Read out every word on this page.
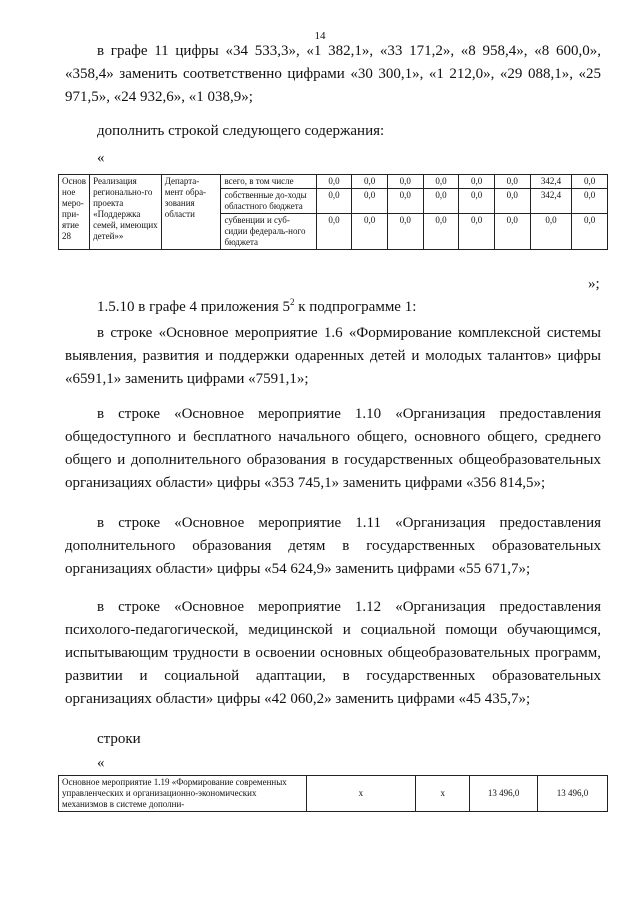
14

в графе 11 цифры «34 533,3», «1 382,1», «33 171,2», «8 958,4», «8 600,0», «358,4» заменить соответственно цифрами «30 300,1», «1 212,0», «29 088,1», «25 971,5», «24 932,6», «1 038,9»;

дополнить строкой следующего содержания:

«
Основ ное меро-при-ятие 28	Реализация регионально-го проекта «Поддержка семей, имеющих детей»»	Департа-мент обра-зования области	всего, в том числе	0,0	0,0	0,0	0,0	0,0	0,0	342,4	0,0
			собственные до-ходы областного бюджета	0,0	0,0	0,0	0,0	0,0	0,0	342,4	0,0
			субвенции и суб-сидии федераль-ного бюджета	0,0	0,0	0,0	0,0	0,0	0,0	0,0	0,0
»;

1.5.10 в графе 4 приложения $5^2$ к подпрограмме 1:

в строке «Основное мероприятие 1.6 «Формирование комплексной системы выявления, развития и поддержки одаренных детей и молодых талантов» цифры «6591,1» заменить цифрами «7591,1»;

в строке «Основное мероприятие 1.10 «Организация предоставления общедоступного и бесплатного начального общего, основного общего, среднего общего и дополнительного образования в государственных общеобразовательных организациях области» цифры «353 745,1» заменить цифрами «356 814,5»;

в строке «Основное мероприятие 1.11 «Организация предоставления дополнительного образования детям в государственных образовательных организациях области» цифры «54 624,9» заменить цифрами «55 671,7»;

в строке «Основное мероприятие 1.12 «Организация предоставления психолого-педагогической, медицинской и социальной помощи обучающимся, испытывающим трудности в освоении основных общеобразовательных программ, развитии и социальной адаптации, в государственных образовательных организациях области» цифры «42 060,2» заменить цифрами «45 435,7»;

строки

«
Основное мероприятие 1.19 «Формирование современных управленческих и организационно-экономических механизмов в системе дополни-	х	х	13 496,0	13 496,0
